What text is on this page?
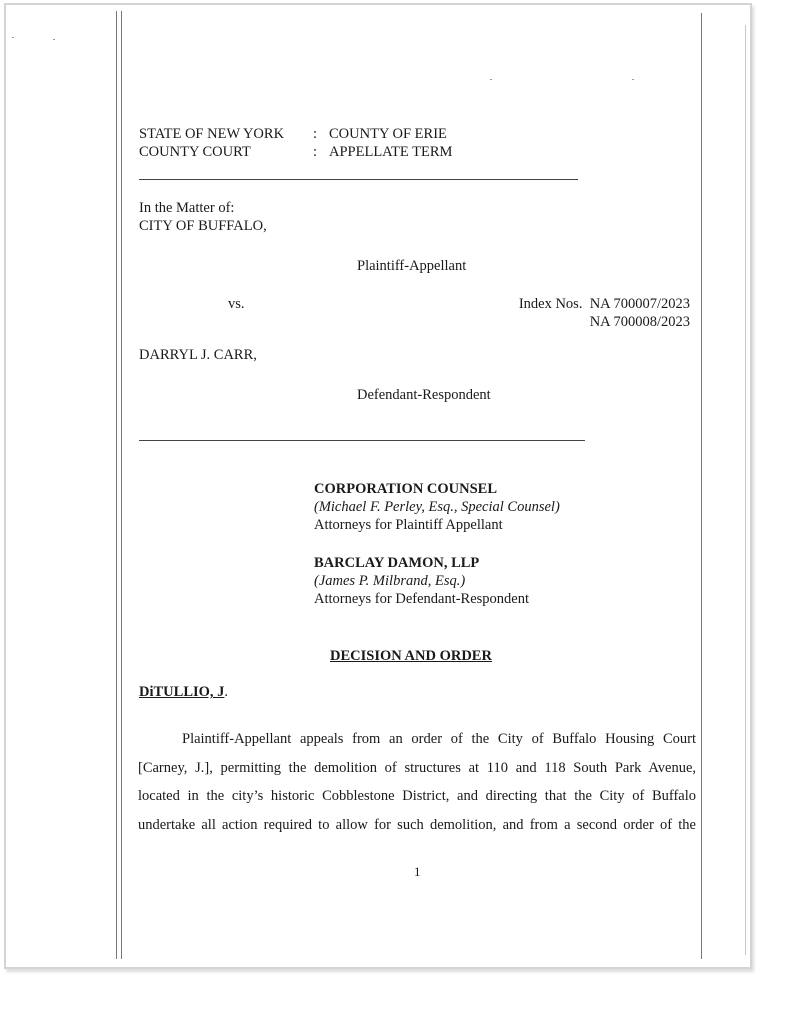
STATE OF NEW YORK
COUNTY COURT
:
:
COUNTY OF ERIE
APPELLATE TERM
In the Matter of:
CITY OF BUFFALO,
Plaintiff-Appellant
vs.	Index Nos. NA 700007/2023
NA 700008/2023
DARRYL J. CARR,
Defendant-Respondent
CORPORATION COUNSEL
(Michael F. Perley, Esq., Special Counsel)
Attorneys for Plaintiff Appellant
BARCLAY DAMON, LLP
(James P. Milbrand, Esq.)
Attorneys for Defendant-Respondent
DECISION AND ORDER
DiTULLIO, J.
Plaintiff-Appellant appeals from an order of the City of Buffalo Housing Court
[Carney, J.], permitting the demolition of structures at 110 and 118 South Park Avenue,
located in the city’s historic Cobblestone District, and directing that the City of Buffalo
undertake all action required to allow for such demolition, and from a second order of the
1
